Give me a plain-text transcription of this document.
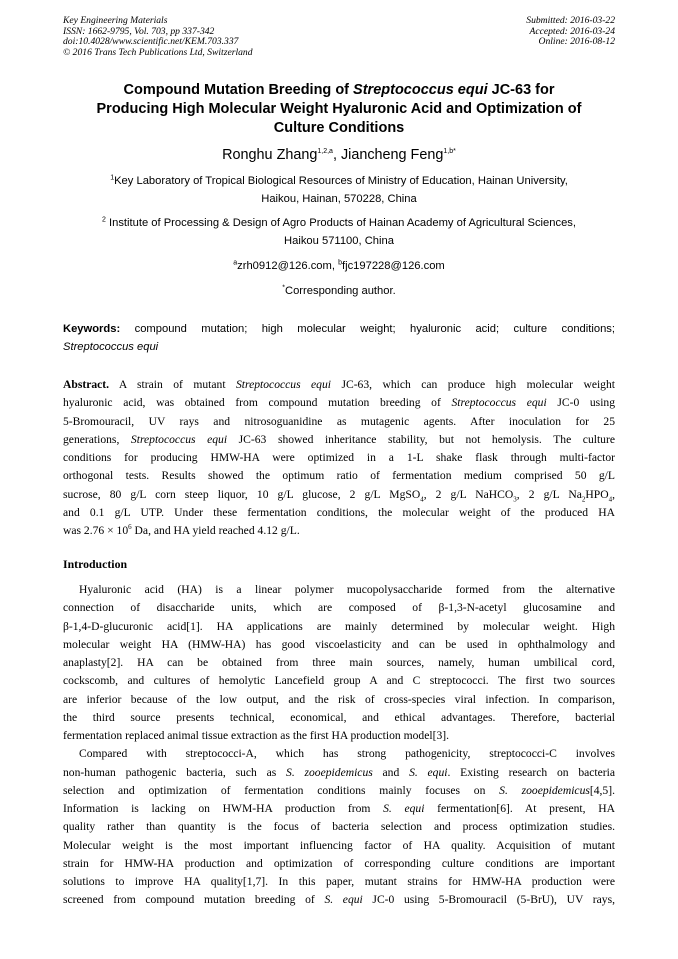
Key Engineering Materials
ISSN: 1662-9795, Vol. 703, pp 337-342
doi:10.4028/www.scientific.net/KEM.703.337
© 2016 Trans Tech Publications Ltd, Switzerland
Submitted: 2016-03-22
Accepted: 2016-03-24
Online: 2016-08-12
Compound Mutation Breeding of Streptococcus equi JC-63 for
Producing High Molecular Weight Hyaluronic Acid and Optimization of
Culture Conditions
Ronghu Zhang$^{1,2,a}$, Jiancheng Feng$^{1,b*}$
$^1$Key Laboratory of Tropical Biological Resources of Ministry of Education, Hainan University,
Haikou, Hainan, 570228, China
$^2$ Institute of Processing & Design of Agro Products of Hainan Academy of Agricultural Sciences,
Haikou 571100, China
$^a$zrh0912@126.com, $^b$fjc197228@126.com
*Corresponding author.
Keywords: compound mutation; high molecular weight; hyaluronic acid; culture conditions;
Streptococcus equi
Abstract. A strain of mutant Streptococcus equi JC-63, which can produce high molecular weight
hyaluronic acid, was obtained from compound mutation breeding of Streptococcus equi JC-0 using
5-Bromouracil, UV rays and nitrosoguanidine as mutagenic agents. After inoculation for 25
generations, Streptococcus equi JC-63 showed inheritance stability, but not hemolysis. The culture
conditions for producing HMW-HA were optimized in a 1-L shake flask through multi-factor
orthogonal tests. Results showed the optimum ratio of fermentation medium comprised 50 g/L
sucrose, 80 g/L corn steep liquor, 10 g/L glucose, 2 g/L MgSO$_4$, 2 g/L NaHCO$_3$, 2 g/L $Na_2HPO_4$,
and 0.1 g/L UTP. Under these fermentation conditions, the molecular weight of the produced HA
was $2.76 \times 10^6$ Da, and HA yield reached 4.12 g/L.
Introduction
Hyaluronic acid (HA) is a linear polymer mucopolysaccharide formed from the alternative
connection of disaccharide units, which are composed of β-1,3-N-acetyl glucosamine and
β-1,4-D-glucuronic acid[1]. HA applications are mainly determined by molecular weight. High
molecular weight HA (HMW-HA) has good viscoelasticity and can be used in ophthalmology and
anaplasty[2]. HA can be obtained from three main sources, namely, human umbilical cord,
cockscomb, and cultures of hemolytic Lancefield group A and C streptococci. The first two sources
are inferior because of the low output, and the risk of cross-species viral infection. In comparison,
the third source presents technical, economical, and ethical advantages. Therefore, bacterial
fermentation replaced animal tissue extraction as the first HA production model[3].
Compared with streptococci-A, which has strong pathogenicity, streptococci-C involves
non-human pathogenic bacteria, such as S. zooepidemicus and S. equi. Existing research on bacteria
selection and optimization of fermentation conditions mainly focuses on S. zooepidemicus[4,5].
Information is lacking on HWM-HA production from S. equi fermentation[6]. At present, HA
quality rather than quantity is the focus of bacteria selection and process optimization studies.
Molecular weight is the most important influencing factor of HA quality. Acquisition of mutant
strain for HMW-HA production and optimization of corresponding culture conditions are important
solutions to improve HA quality[1,7]. In this paper, mutant strains for HMW-HA production were
screened from compound mutation breeding of S. equi JC-0 using 5-Bromouracil (5-BrU), UV rays,
